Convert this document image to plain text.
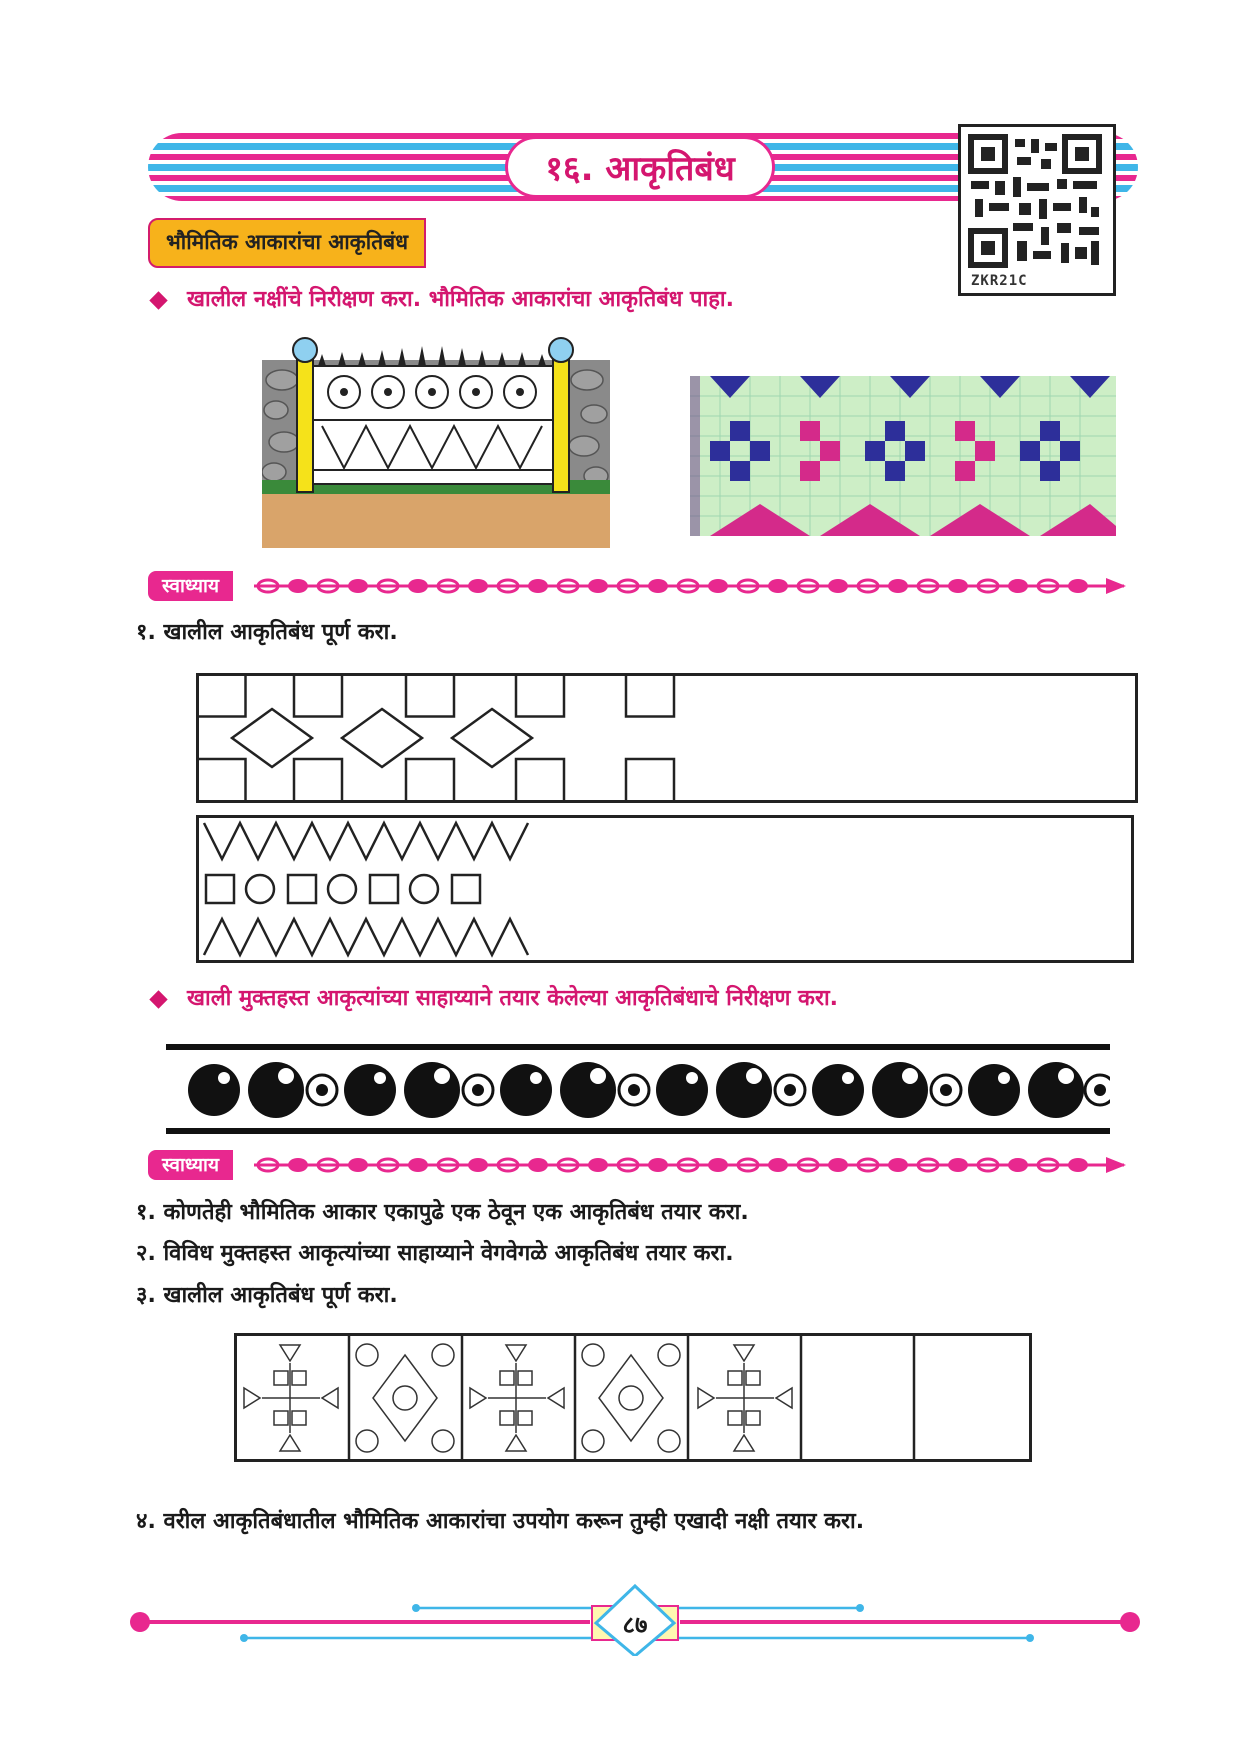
१६. आकृतिबंध
ZKR21C
भौमितिक आकारांचा आकृतिबंध
खालील नक्षींचे निरीक्षण करा. भौमितिक आकारांचा आकृतिबंध पाहा.
स्वाध्याय
१. खालील आकृतिबंध पूर्ण करा.
खाली मुक्तहस्त आकृत्यांच्या साहाय्याने तयार केलेल्या आकृतिबंधाचे निरीक्षण करा.
स्वाध्याय
१. कोणतेही भौमितिक आकार एकापुढे एक ठेवून एक आकृतिबंध तयार करा.
२. विविध मुक्तहस्त आकृत्यांच्या साहाय्याने वेगवेगळे आकृतिबंध तयार करा.
३. खालील आकृतिबंध पूर्ण करा.
४. वरील आकृतिबंधातील भौमितिक आकारांचा उपयोग करून तुम्ही एखादी नक्षी तयार करा.
८७
